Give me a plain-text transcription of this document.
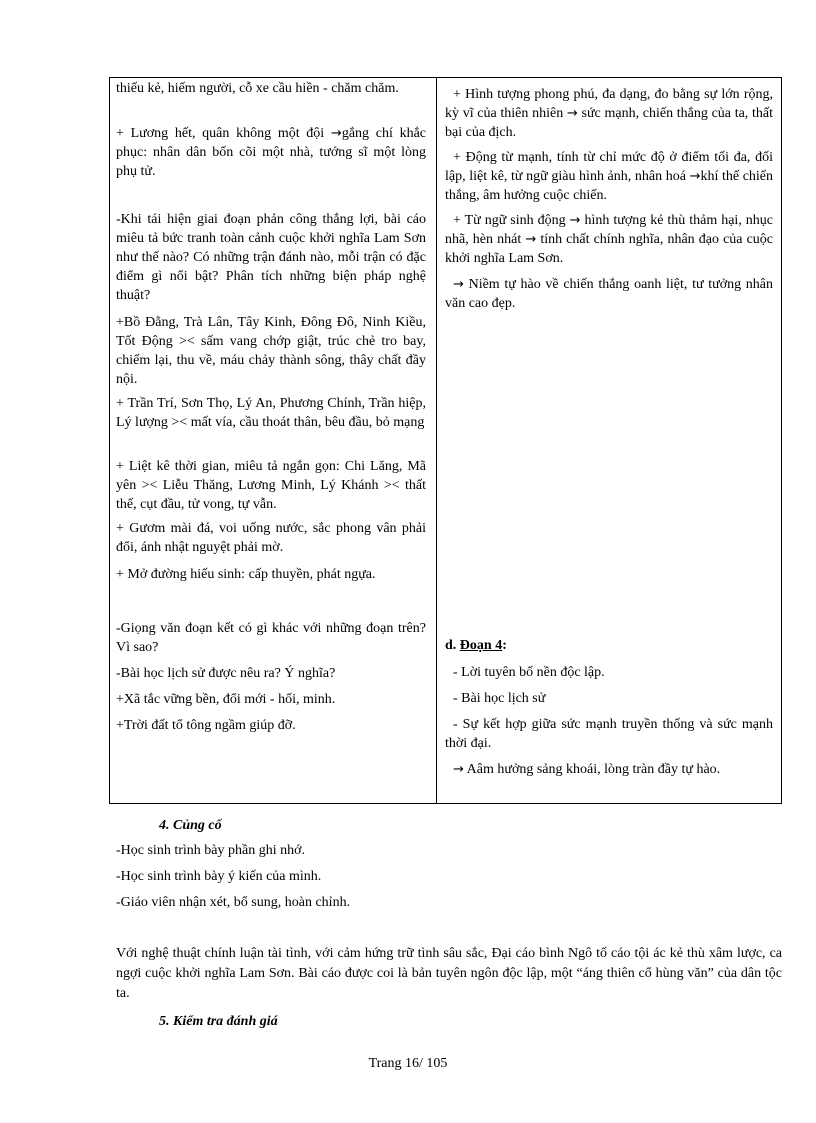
thiếu kẻ, hiếm người, cỗ xe cầu hiền - chăm chăm.

+ Lương hết, quân không một đội →gắng chí khắc phục: nhân dân bốn cõi một nhà, tướng sĩ một lòng phụ tử.

-Khi tái hiện giai đoạn phản công thắng lợi, bài cáo miêu tả bức tranh toàn cảnh cuộc khởi nghĩa Lam Sơn như thế nào? Có những trận đánh nào, mỗi trận có đặc điểm gì nổi bật? Phân tích những biện pháp nghệ thuật?

+Bồ Đằng, Trà Lân, Tây Kinh, Đông Đô, Ninh Kiều, Tốt Động >< sấm vang chớp giật, trúc chẻ tro bay, chiếm lại, thu về, máu chảy thành sông, thây chất đầy nội.

+ Trần Trí, Sơn Thọ, Lý An, Phương Chính, Trần hiệp, Lý lượng >< mất vía, cầu thoát thân, bêu đầu, bỏ mạng

+ Liệt kê thời gian, miêu tả ngắn gọn: Chi Lăng, Mã yên >< Liễu Thăng, Lương Minh, Lý Khánh >< thất thế, cụt đầu, tử vong, tự vẫn.

+ Gươm mài đá, voi uống nước, sắc phong vân phải đổi, ánh nhật nguyệt phải mờ.

+ Mở đường hiếu sinh: cấp thuyền, phát ngựa.

-Giọng văn đoạn kết có gì khác với những đoạn trên? Vì sao?

-Bài học lịch sử được nêu ra? Ý nghĩa?

+Xã tắc vững bền, đổi mới - hối, minh.

+Trời đất tổ tông ngầm giúp đỡ.

+ Hình tượng phong phú, đa dạng, đo bằng sự lớn rộng, kỳ vĩ của thiên nhiên → sức mạnh, chiến thắng của ta, thất bại của địch.

+ Động từ mạnh, tính từ chỉ mức độ ở điểm tối đa, đối lập, liệt kê, từ ngữ giàu hình ảnh, nhân hoá →khí thế chiến thắng, âm hưởng cuộc chiến.

+ Từ ngữ sinh động → hình tượng kẻ thù thảm hại, nhục nhã, hèn nhát → tính chất chính nghĩa, nhân đạo của cuộc khởi nghĩa Lam Sơn.

→ Niềm tự hào về chiến thắng oanh liệt, tư tưởng nhân văn cao đẹp.

d. Đoạn 4:

- Lời tuyên bố nền độc lập.

- Bài học lịch sử

- Sự kết hợp giữa sức mạnh truyền thống và sức mạnh thời đại.

→ Aâm hưởng sảng khoái, lòng tràn đầy tự hào.

4. Củng cố

-Học sinh trình bày phần ghi nhớ.

-Học sinh trình bày ý kiến của mình.

-Giáo viên nhận xét, bổ sung, hoàn chỉnh.

Với nghệ thuật chính luận tài tình, với cảm hứng trữ tình sâu sắc, Đại cáo bình Ngô tố cáo tội ác kẻ thù xâm lược, ca ngợi cuộc khởi nghĩa Lam Sơn. Bài cáo được coi là bản tuyên ngôn độc lập, một “áng thiên cổ hùng văn” của dân tộc ta.

5. Kiểm tra đánh giá

Trang 16/ 105
